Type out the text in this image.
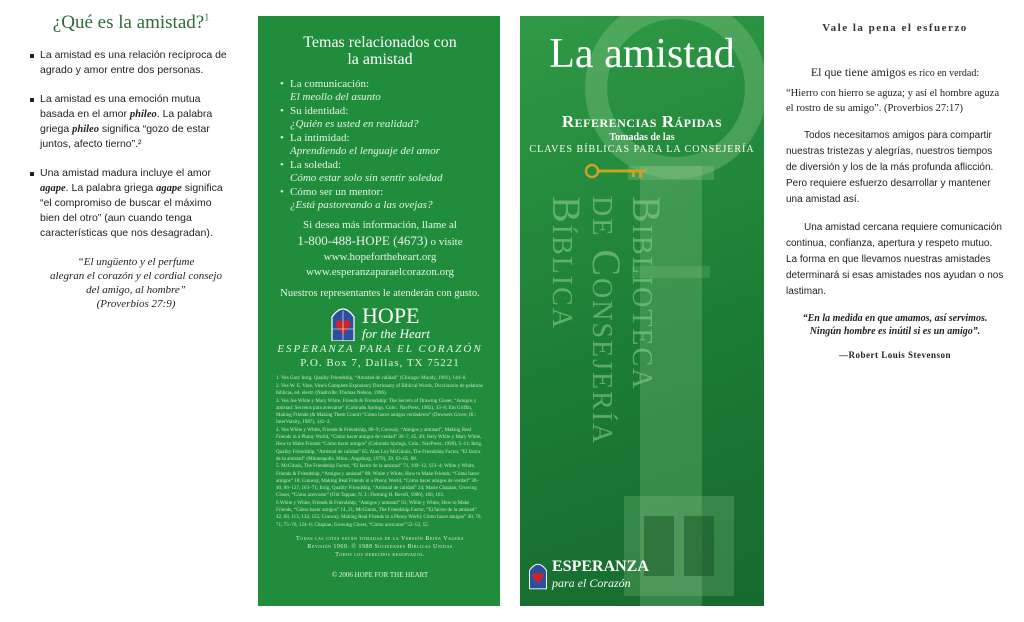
¿Qué es la amistad?$^1$
La amistad es una relación recíproca de agrado y amor entre dos personas.
La amistad es una emoción mutua basada en el amor phileo. La palabra griega phileo significa “gozo de estar juntos, afecto tierno”.²
Una amistad madura incluye el amor agape. La palabra griega agape significa “el compromiso de buscar el máximo bien del otro” (aun cuando tenga características que nos desagradan).
“El ungüento y el perfume
alegran el corazón y el cordial consejo
del amigo, al hombre”
(Proverbios 27:9)
Temas relacionados con
la amistad
• La comunicación:
El meollo del asunto
• Su identidad:
¿Quién es usted en realidad?
• La intimidad:
Aprendiendo el lenguaje del amor
• La soledad:
Cómo estar solo sin sentir soledad
• Cómo ser un mentor:
¿Está pastoreando a las ovejas?
Si desea más información, llame al
1-800-488-HOPE (4673) o visite
www.hopefortheheart.org
www.esperanzaparaelcorazon.org
Nuestros representantes le atenderán con gusto.
HOPE
for the Heart
ESPERANZA PARA EL CORAZÓN
P.O. Box 7, Dallas, TX 75221

1. Vea Gary Inrig, Quality Friendship, “Amistad de calidad” (Chicago: Moody, 1981), 144–8.

2. Vea W. E. Vine, Vine's Complete Expository Dictionary of Biblical Words, Diccionario de palabras bíblicas, ed. electr. (Nashville: Thomas Nelson, 1996).

3. Vea Joe White y Mary White, Friends & Friendship: The Secrets of Drawing Closer, “Amigos y amistad: Secretos para acercarse” (Colorado Springs, Colo.: NavPress, 1982), 33–8; Em Griffin, Making Friends (& Making Them Count) “Cómo hacer amigos verdaderos” (Downers Grove, Ill.: InterVarsity, 1987), 141–2.

4. Vea White y White, Friends & Friendship, 88–9; Conway, “Amigos y amistad”, Making Real Friends in a Phony World, “Cómo hacer amigos de verdad” 36–7, 45, 49; Jerry White y Mary White, How to Make Friends “Cómo hacer amigos” (Colorado Springs, Colo.: NavPress, 1990), 5–11; Inrig, Quality Friendship, “Amistad de calidad” 65; Alan Loy McGinnis, The Friendship Factor, “El factor de la amistad” (Minneapolis, Minn.: Augsburg, 1979), 29, 63–65, 68.

5. McGinnis, The Friendship Factor, “El factor de la amistad” 71, 109–12, 123–4; White y White, Friends & Friendship, “Amigos y amistad” 88; White y White, How to Make Friends, “Cómo hacer amigos” 18; Conway, Making Real Friends in a Phony World, “Cómo hacer amigos de verdad” 39–40, 88–127, 163–71; Inrig, Quality Friendship, “Amistad de calidad” 24; Marie Chapian, Growing Closer, “Cómo acercarse” (Old Tappan, N. J.: Fleming H. Revell, 1986), 160, 163.

6.White y White, Friends & Friendship, “Amigos y amistad” 61; White y White, How to Make Friends, “Cómo hacer amigos” 14, 21; McGinnis, The Friendship Factor, “El factor de la amistad” 42, 68, 113, 134, 155; Conway, Making Real Friends in a Phony World, Cómo hacer amigos” 40, 70, 71, 75–76, 124–6; Chapian, Growing Closer, “Cómo acercarse” 52–53, 55.

Todas las citas están tomadas de la Versión Reina Valera
Revisión 1960. © 1988 Sociedades Bíblicas Unidas
Todos los derechos reservados.
© 2006 HOPE FOR THE HEART
La amistad
Referencias Rápidas
Tomadas de las
CLAVES BÍBLICAS PARA LA CONSEJERÍA
Biblioteca
de Consejería
Bíblica
ESPERANZA
para el Corazón
Vale la pena el esfuerzo
El que tiene amigos es rico en verdad:

“Hierro con hierro se aguza; y así el hombre aguza el rostro de su amigo”. (Proverbios 27:17)

Todos necesitamos amigos para compartir nuestras tristezas y alegrías, nuestros tiempos de diversión y los de la más profunda aflicción. Pero requiere esfuerzo desarrollar y mantener una amistad así.

Una amistad cercana requiere comunicación continua, confianza, apertura y respeto mutuo. La forma en que llevamos nuestras amistades determinará si esas amistades nos ayudan o nos lastiman.

“En la medida en que amamos, así servimos.
Ningún hombre es inútil si es un amigo”.
—Robert Louis Stevenson
